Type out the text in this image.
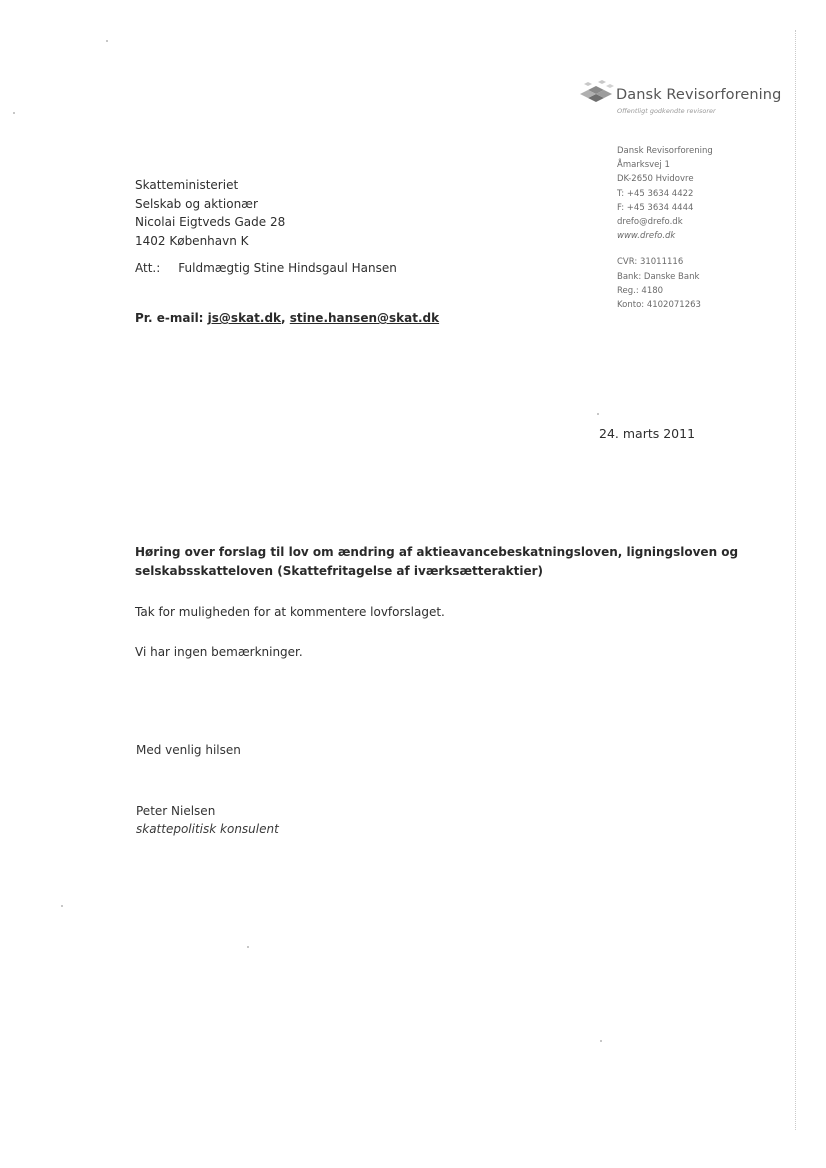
Dansk Revisorforening
Offentligt godkendte revisorer
Dansk Revisorforening
Åmarksvej 1
DK-2650 Hvidovre
T: +45 3634 4422
F: +45 3634 4444
drefo@drefo.dk
www.drefo.dk
CVR: 31011116
Bank: Danske Bank
Reg.: 4180
Konto: 4102071263
Skatteministeriet
Selskab og aktionær
Nicolai Eigtveds Gade 28
1402 København K
Att.: Fuldmægtig Stine Hindsgaul Hansen
Pr. e-mail: js@skat.dk, stine.hansen@skat.dk
24. marts 2011
Høring over forslag til lov om ændring af aktieavancebeskatningsloven, ligningsloven og
selskabsskatteloven (Skattefritagelse af iværksætteraktier)
Tak for muligheden for at kommentere lovforslaget.
Vi har ingen bemærkninger.
Med venlig hilsen
Peter Nielsen
skattepolitisk konsulent
